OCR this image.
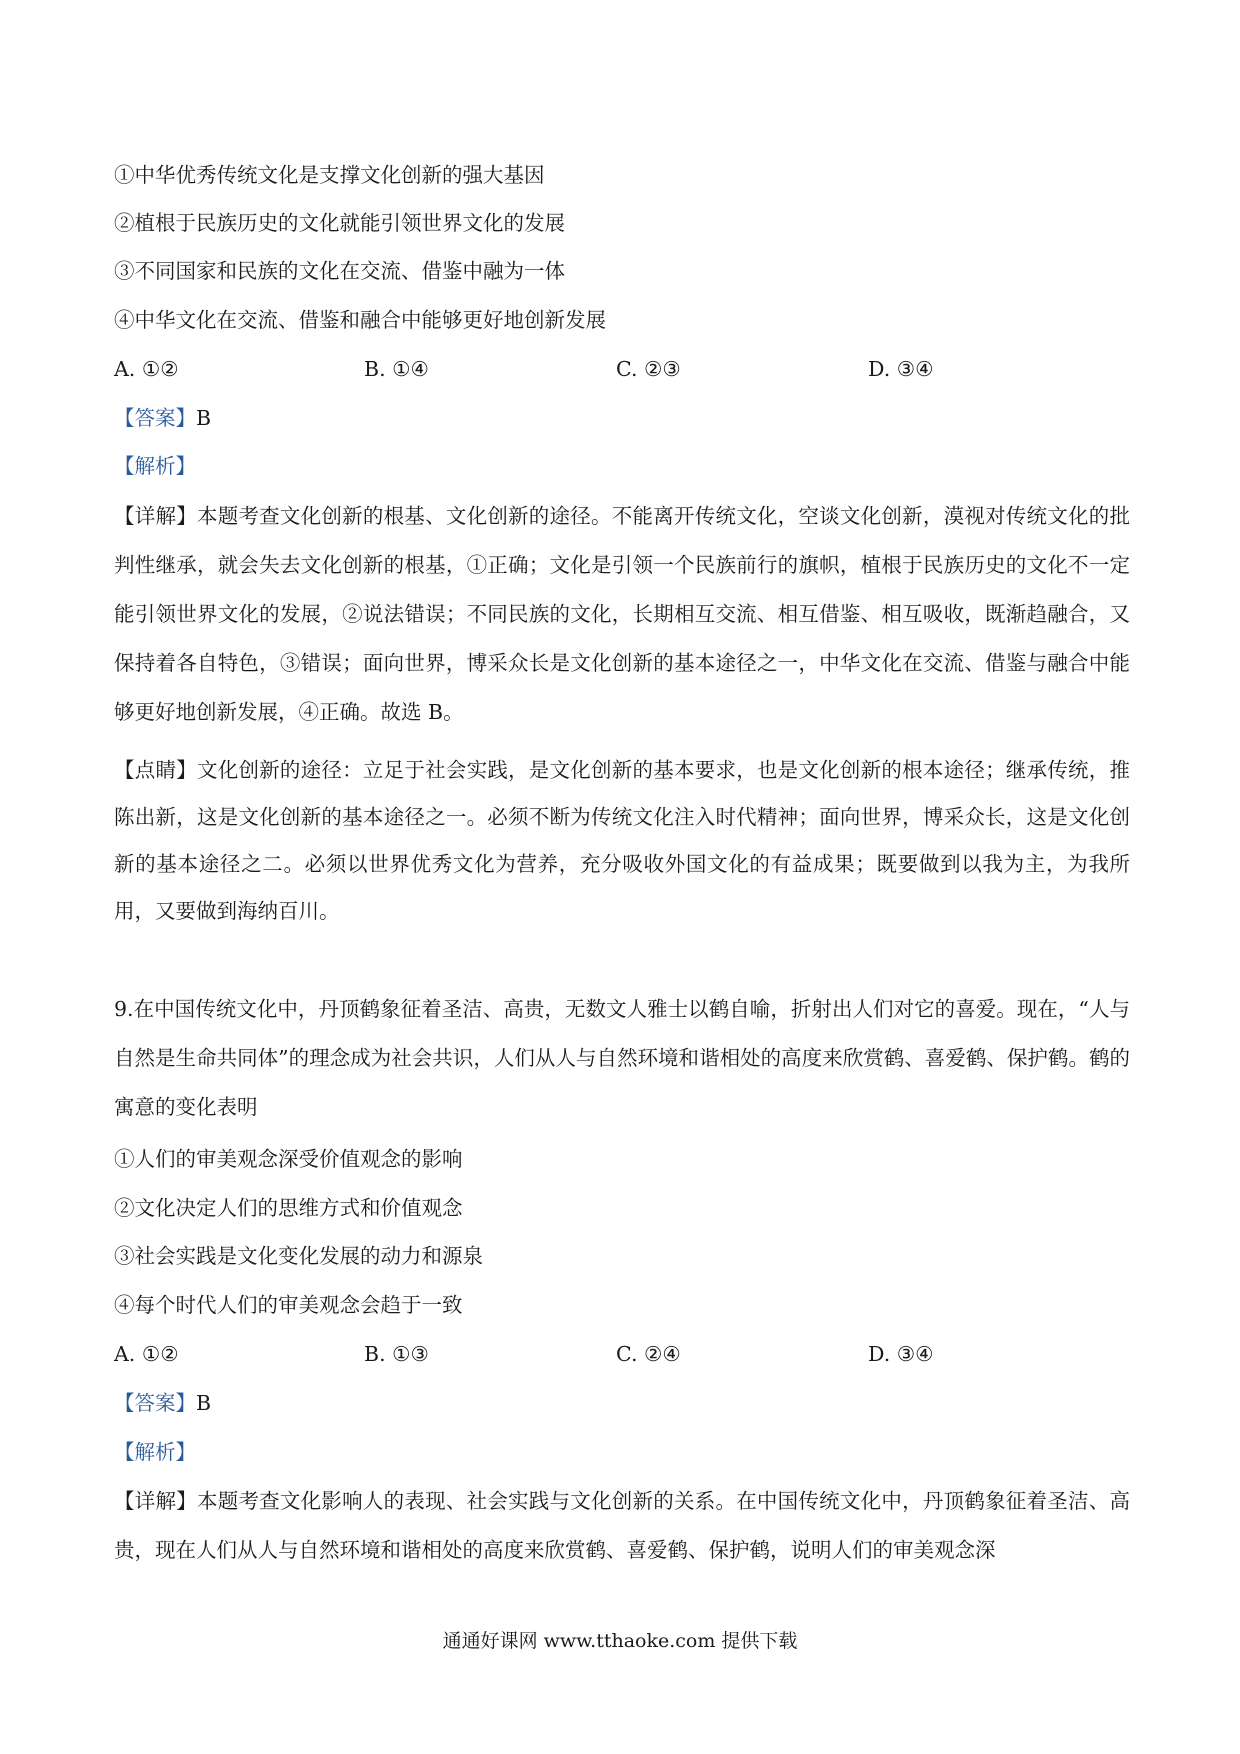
①中华优秀传统文化是支撑文化创新的强大基因

②植根于民族历史的文化就能引领世界文化的发展

③不同国家和民族的文化在交流、借鉴中融为一体

④中华文化在交流、借鉴和融合中能够更好地创新发展

A. ①②	B. ①④	C. ②③	D. ③④

【答案】B

【解析】

【详解】本题考查文化创新的根基、文化创新的途径。不能离开传统文化，空谈文化创新，漠视对传统文化的批判性继承，就会失去文化创新的根基，①正确；文化是引领一个民族前行的旗帜，植根于民族历史的文化不一定能引领世界文化的发展，②说法错误；不同民族的文化，长期相互交流、相互借鉴、相互吸收，既渐趋融合，又保持着各自特色，③错误；面向世界，博采众长是文化创新的基本途径之一，中华文化在交流、借鉴与融合中能够更好地创新发展，④正确。故选 B。

【点睛】文化创新的途径：立足于社会实践，是文化创新的基本要求，也是文化创新的根本途径；继承传统，推陈出新，这是文化创新的基本途径之一。必须不断为传统文化注入时代精神；面向世界，博采众长，这是文化创新的基本途径之二。必须以世界优秀文化为营养，充分吸收外国文化的有益成果；既要做到以我为主，为我所用，又要做到海纳百川。

9.在中国传统文化中，丹顶鹤象征着圣洁、高贵，无数文人雅士以鹤自喻，折射出人们对它的喜爱。现在，“人与自然是生命共同体”的理念成为社会共识，人们从人与自然环境和谐相处的高度来欣赏鹤、喜爱鹤、保护鹤。鹤的寓意的变化表明

①人们的审美观念深受价值观念的影响

②文化决定人们的思维方式和价值观念

③社会实践是文化变化发展的动力和源泉

④每个时代人们的审美观念会趋于一致

A. ①②	B. ①③	C. ②④	D. ③④

【答案】B

【解析】

【详解】本题考查文化影响人的表现、社会实践与文化创新的关系。在中国传统文化中，丹顶鹤象征着圣洁、高贵，现在人们从人与自然环境和谐相处的高度来欣赏鹤、喜爱鹤、保护鹤，说明人们的审美观念深

通通好课网 www.tthaoke.com 提供下载
